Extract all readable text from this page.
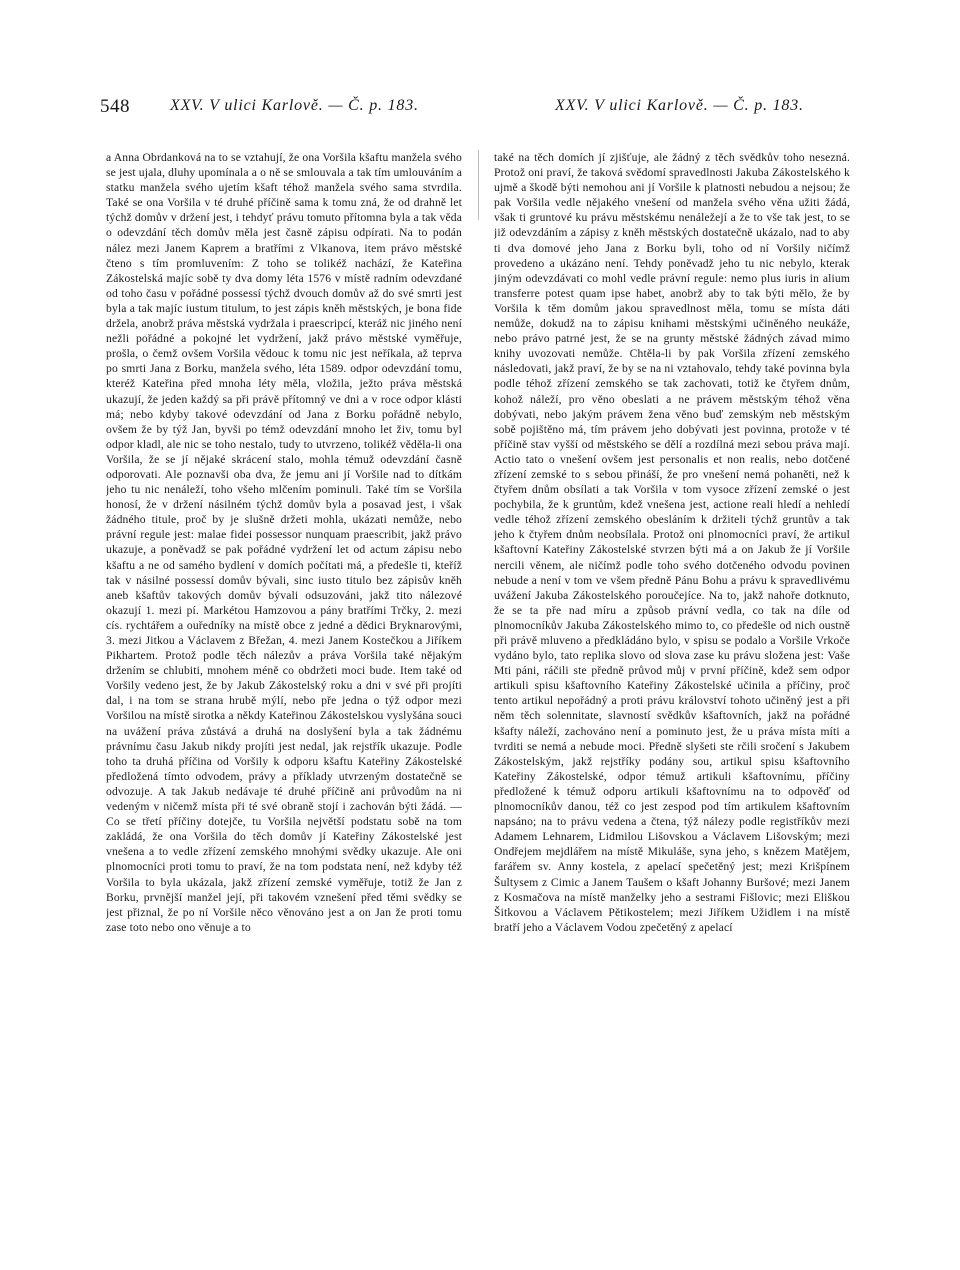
548	XXV. V ulici Karlově. — Č. p. 183.	XXV. V ulici Karlově. — Č. p. 183.

a Anna Obrdanková na to se vztahují, že ona Voršila kšaftu manžela svého se jest ujala, dluhy upomínala a o ně se smlouvala a tak tím umlouváním a statku manžela svého ujetím kšaft téhož manžela svého sama stvrdila. Také se ona Voršila v té druhé příčině sama k tomu zná, že od drahně let týchž domův v držení jest, i tehdyť právu tomuto přítomna byla a tak věda o odevzdání těch domův měla jest časně zápisu odpírati. Na to podán nález mezi Janem Kaprem a bratřími z Vlkanova, item právo městské čteno s tím promluvením: Z toho se tolikéž nachází, že Kateřina Zákostelská majíc sobě ty dva domy léta 1576 v místě radním odevzdané od toho času v pořádné possessí týchž dvouch domův až do své smrti jest byla a tak majíc iustum titulum, to jest zápis kněh městských, je bona fide držela, anobrž práva městská vydržala i praescripcí, kteráž nic jiného není nežli pořádné a pokojné let vydržení, jakž právo městské vyměřuje, prošla, o čemž ovšem Voršila vědouc k tomu nic jest neříkala, až teprva po smrti Jana z Borku, manžela svého, léta 1589. odpor odevzdání tomu, kteréž Kateřina před mnoha léty měla, vložila, ježto práva městská ukazují, že jeden každý sa při právě přítomný ve dni a v roce odpor klásti má; nebo kdyby takové odevzdání od Jana z Borku pořádně nebylo, ovšem že by týž Jan, byvši po témž odevzdání mnoho let živ, tomu byl odpor kladl, ale nic se toho nestalo, tudy to utvrzeno, tolikéž věděla-li ona Voršila, že se jí nějaké skrácení stalo, mohla témuž odevzdání časně odporovati. Ale poznavši oba dva, že jemu ani jí Voršile nad to dítkám jeho tu nic nenáleží, toho všeho mlčením pominuli. Také tím se Voršila honosí, že v držení násilném týchž domův byla a posavad jest, i však žádného titule, proč by je slušně držeti mohla, ukázati nemůže, nebo právní regule jest: malae fidei possessor nunquam praescribit, jakž právo ukazuje, a poněvadž se pak pořádné vydržení let od actum zápisu nebo kšaftu a ne od samého bydlení v domích počítati má, a předešle ti, kteříž tak v násilné possessí domův bývali, sinc iusto titulo bez zápisův kněh aneb kšaftův takových domův bývali odsuzováni, jakž tito nálezové okazují 1. mezi pí. Markétou Hamzovou a pány bratřími Trčky, 2. mezi cís. rychtářem a ouředníky na místě obce z jedné a dědici Bryknarovými, 3. mezi Jitkou a Václavem z Břežan, 4. mezi Janem Kostečkou a Jiříkem Pikhartem. Protož podle těch nálezův a práva Voršila také nějakým držením se chlubiti, mnohem méně co obdržeti moci bude. Item také od Voršily vedeno jest, že by Jakub Zákostelský roku a dni v své při projíti dal, i na tom se strana hrubě mýlí, nebo pře jedna o týž odpor mezi Voršilou na místě sirotka a někdy Kateřinou Zákostelskou vyslyšána souci na uvážení práva zůstává a druhá na doslyšení byla a tak žádnému právnímu času Jakub nikdy projíti jest nedal, jak rejstřík ukazuje. Podle toho ta druhá příčina od Voršily k odporu kšaftu Kateřiny Zákostelské předložená tímto odvodem, právy a příklady utvrzeným dostatečně se odvozuje. A tak Jakub nedávaje té druhé příčině ani průvodům na ni vedeným v ničemž místa při té své obraně stojí i zachován býti žádá. — Co se třetí příčiny dotejče, tu Voršila největší podstatu sobě na tom zakládá, že ona Voršila do těch domův jí Kateřiny Zákostelské jest vnešena a to vedle zřízení zemského mnohými svědky ukazuje. Ale oni plnomocníci proti tomu to praví, že na tom podstata není, než kdyby též Voršila to byla ukázala, jakž zřízení zemské vyměřuje, totiž že Jan z Borku, prvnější manžel její, při takovém vznešení před těmi svědky se jest přiznal, že po ní Voršile něco věnováno jest a on Jan že proti tomu zase toto nebo ono věnuje a to

také na těch domích jí zjišťuje, ale žádný z těch svědkův toho nesezná. Protož oni praví, že taková svědomí spravedlnosti Jakuba Zákostelského k ujmě a škodě býti nemohou ani jí Voršile k platnosti nebudou a nejsou; že pak Voršila vedle nějakého vnešení od manžela svého věna užiti žádá, však ti gruntové ku právu městskému nenáležejí a že to vše tak jest, to se již odevzdáním a zápisy z kněh městských dostatečně ukázalo, nad to aby ti dva domové jeho Jana z Borku byli, toho od ní Voršily ničímž provedeno a ukázáno není. Tehdy poněvadž jeho tu nic nebylo, kterak jiným odevzdávati co mohl vedle právní regule: nemo plus iuris in alium transferre potest quam ipse habet, anobrž aby to tak býti mělo, že by Voršila k těm domům jakou spravedlnost měla, tomu se místa dáti nemůže, dokudž na to zápisu knihami městskými učiněného neukáže, nebo právo patrné jest, že se na grunty městské žádných závad mimo knihy uvozovati nemůže. Chtěla-li by pak Voršila zřízení zemského následovati, jakž praví, že by se na ni vztahovalo, tehdy také povinna byla podle téhož zřízení zemského se tak zachovati, totiž ke čtyřem dnům, kohož náleží, pro věno obeslati a ne právem městským téhož věna dobývati, nebo jakým právem žena věno buď zemským neb městským sobě pojištěno má, tím právem jeho dobývati jest povinna, protože v té příčině stav vyšší od městského se dělí a rozdílná mezi sebou práva mají. Actio tato o vnešení ovšem jest personalis et non realis, nebo dotčené zřízení zemské to s sebou přináší, že pro vnešení nemá pohaněti, než k čtyřem dnům obsílati a tak Voršila v tom vysoce zřízení zemské o jest pochybila, že k gruntům, kdež vnešena jest, actione reali hledí a nehledí vedle téhož zřízení zemského obesláním k držiteli týchž gruntův a tak jeho k čtyřem dnům neobsílala. Protož oni plnomocníci praví, že artikul kšaftovní Kateřiny Zákostelské stvrzen býti má a on Jakub že jí Voršile nercili věnem, ale ničímž podle toho svého dotčeného odvodu povinen nebude a není v tom ve všem předně Pánu Bohu a právu k spravedlivému uvážení Jakuba Zákostelského poroučejíce. Na to, jakž nahoře dotknuto, že se ta pře nad míru a způsob právní vedla, co tak na díle od plnomocníkův Jakuba Zákostelského mimo to, co předešle od nich oustně při právě mluveno a předkládáno bylo, v spisu se podalo a Voršile Vrkoče vydáno bylo, tato replika slovo od slova zase ku právu složena jest: Vaše Mti páni, ráčili ste předně průvod můj v první příčině, kdež sem odpor artikuli spisu kšaftovního Kateřiny Zákostelské učinila a příčiny, proč tento artikul nepořádný a proti právu království tohoto učiněný jest a při něm těch solennitate, slavností svědkův kšaftovních, jakž na pořádné kšafty náleží, zachováno není a pominuto jest, že u práva místa míti a tvrditi se nemá a nebude moci. Předně slyšeti ste rčili sročení s Jakubem Zákostelským, jakž rejstříky podány sou, artikul spisu kšaftovního Kateřiny Zákostelské, odpor témuž artikuli kšaftovnímu, příčiny předložené k témuž odporu artikuli kšaftovnímu na to odpověď od plnomocníkův danou, též co jest zespod pod tím artikulem kšaftovním napsáno; na to právu vedena a čtena, týž nálezy podle registříkův mezi Adamem Lehnarem, Lidmilou Lišovskou a Václavem Lišovským; mezi Ondřejem mejdlářem na místě Mikuláše, syna jeho, s knězem Matějem, farářem sv. Anny kostela, z apelací spečetěný jest; mezi Krišpínem Šultysem z Cimic a Janem Taušem o kšaft Johanny Buršové; mezi Janem z Kosmačova na místě manželky jeho a sestrami Fišlovic; mezi Eliškou Šitkovou a Václavem Pětikostelem; mezi Jiříkem Užidlem i na místě bratří jeho a Václavem Vodou zpečetěný z apelací
